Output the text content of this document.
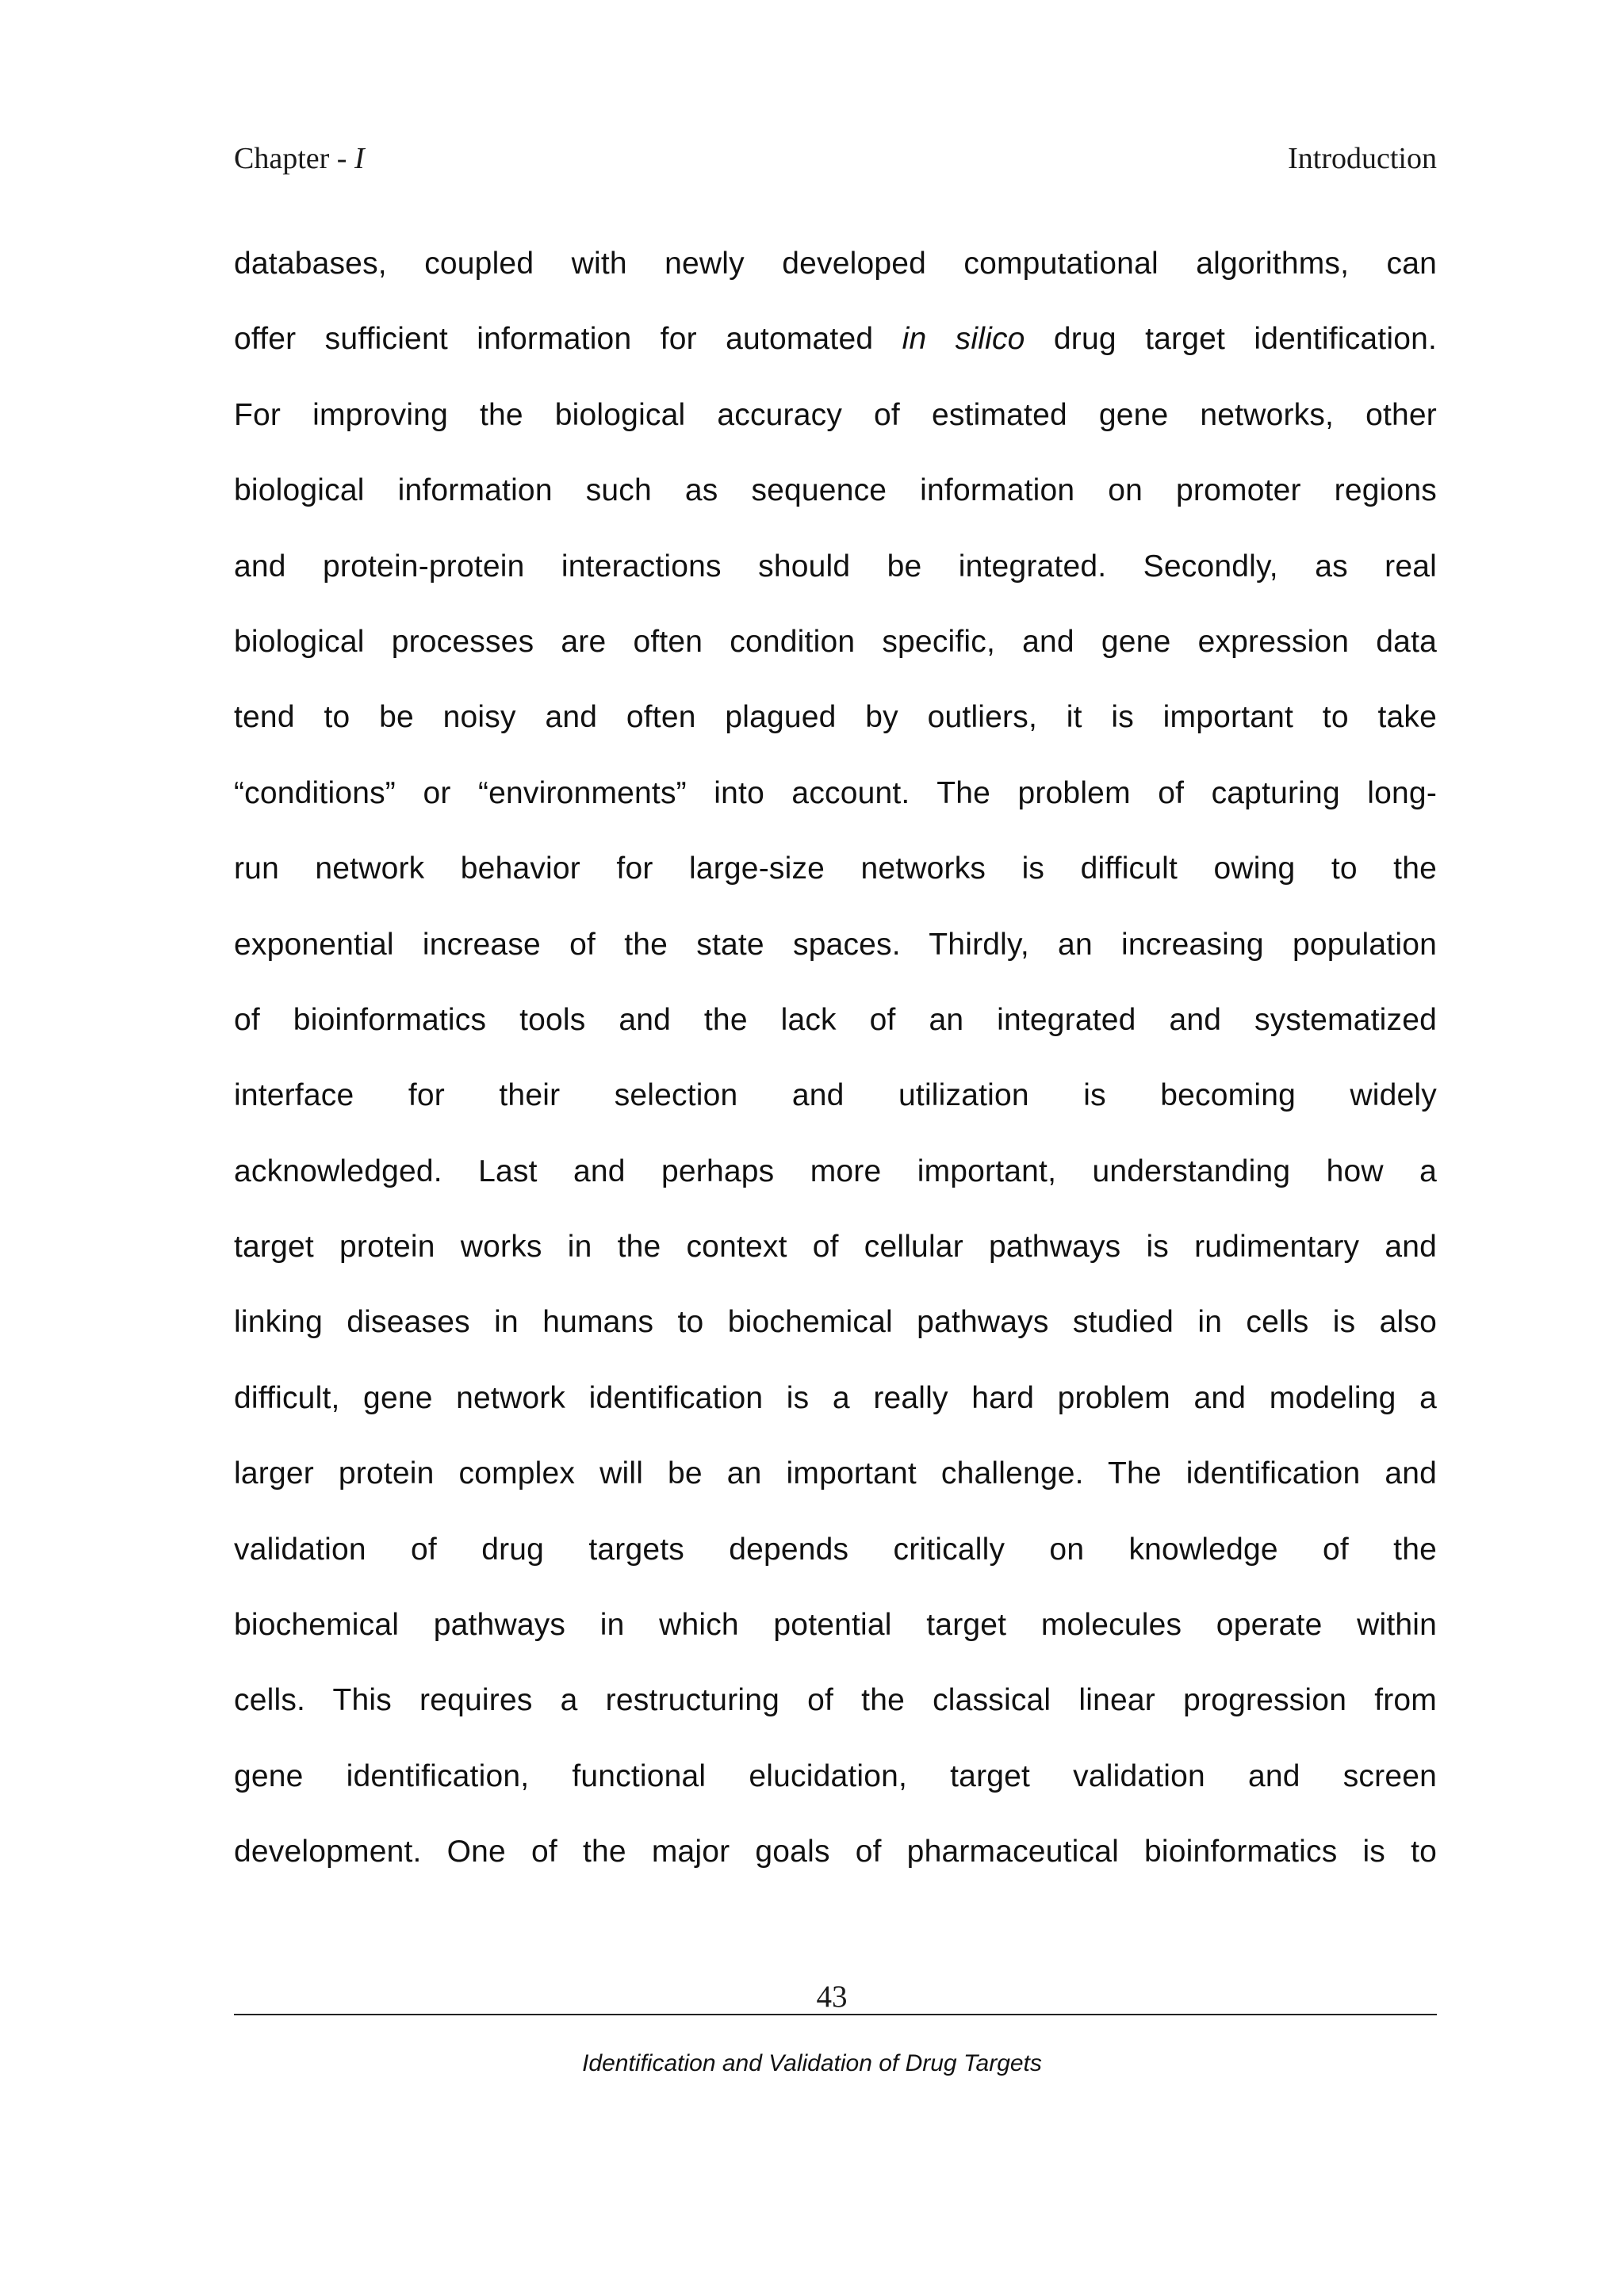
Chapter - I	Introduction
databases, coupled with newly developed computational algorithms, can
offer sufficient information for automated in silico drug target identification.
For improving the biological accuracy of estimated gene networks, other
biological information such as sequence information on promoter regions
and protein-protein interactions should be integrated. Secondly, as real
biological processes are often condition specific, and gene expression data
tend to be noisy and often plagued by outliers, it is important to take
“conditions” or “environments” into account. The problem of capturing long-
run network behavior for large-size networks is difficult owing to the
exponential increase of the state spaces. Thirdly, an increasing population
of bioinformatics tools and the lack of an integrated and systematized
interface for their selection and utilization is becoming widely
acknowledged. Last and perhaps more important, understanding how a
target protein works in the context of cellular pathways is rudimentary and
linking diseases in humans to biochemical pathways studied in cells is also
difficult, gene network identification is a really hard problem and modeling a
larger protein complex will be an important challenge. The identification and
validation of drug targets depends critically on knowledge of the
biochemical pathways in which potential target molecules operate within
cells. This requires a restructuring of the classical linear progression from
gene identification, functional elucidation, target validation and screen
development. One of the major goals of pharmaceutical bioinformatics is to
43
Identification and Validation of Drug Targets
